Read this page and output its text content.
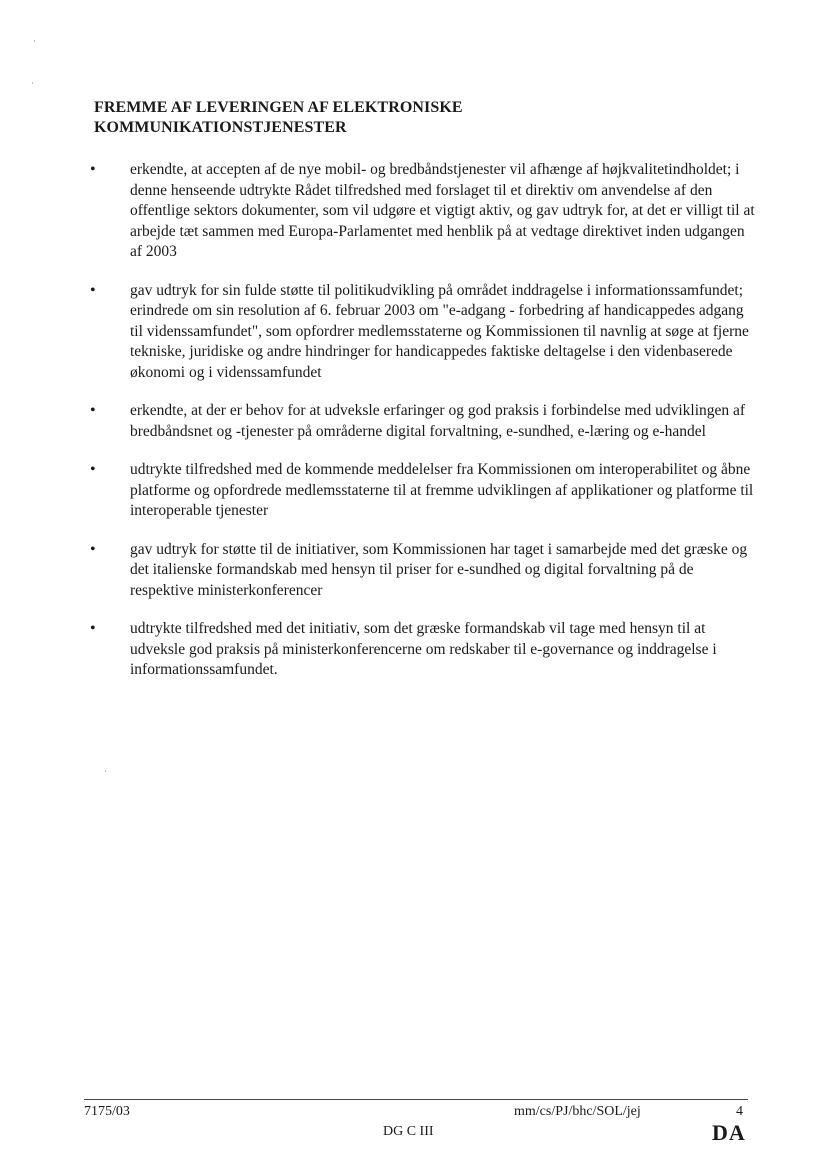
·
·
·
FREMME AF LEVERINGEN AF ELEKTRONISKE
KOMMUNIKATIONSTJENESTER
• erkendte, at accepten af de nye mobil- og bredbåndstjenester vil afhænge af højkvalitetindholdet; i denne henseende udtrykte Rådet tilfredshed med forslaget til et direktiv om anvendelse af den offentlige sektors dokumenter, som vil udgøre et vigtigt aktiv, og gav udtryk for, at det er villigt til at arbejde tæt sammen med Europa-Parlamentet med henblik på at vedtage direktivet inden udgangen af 2003
• gav udtryk for sin fulde støtte til politikudvikling på området inddragelse i informationssamfundet; erindrede om sin resolution af 6. februar 2003 om "e-adgang - forbedring af handicappedes adgang til videnssamfundet", som opfordrer medlemsstaterne og Kommissionen til navnlig at søge at fjerne tekniske, juridiske og andre hindringer for handicappedes faktiske deltagelse i den videnbaserede økonomi og i videnssamfundet
• erkendte, at der er behov for at udveksle erfaringer og god praksis i forbindelse med udviklingen af bredbåndsnet og -tjenester på områderne digital forvaltning, e-sundhed, e-læring og e-handel
• udtrykte tilfredshed med de kommende meddelelser fra Kommissionen om interoperabilitet og åbne platforme og opfordrede medlemsstaterne til at fremme udviklingen af applikationer og platforme til interoperable tjenester
• gav udtryk for støtte til de initiativer, som Kommissionen har taget i samarbejde med det græske og det italienske formandskab med hensyn til priser for e-sundhed og digital forvaltning på de respektive ministerkonferencer
• udtrykte tilfredshed med det initiativ, som det græske formandskab vil tage med hensyn til at udveksle god praksis på ministerkonferencerne om redskaber til e-governance og inddragelse i informationssamfundet.
7175/03	mm/cs/PJ/bhc/SOL/jej	4
DG C III	DA
